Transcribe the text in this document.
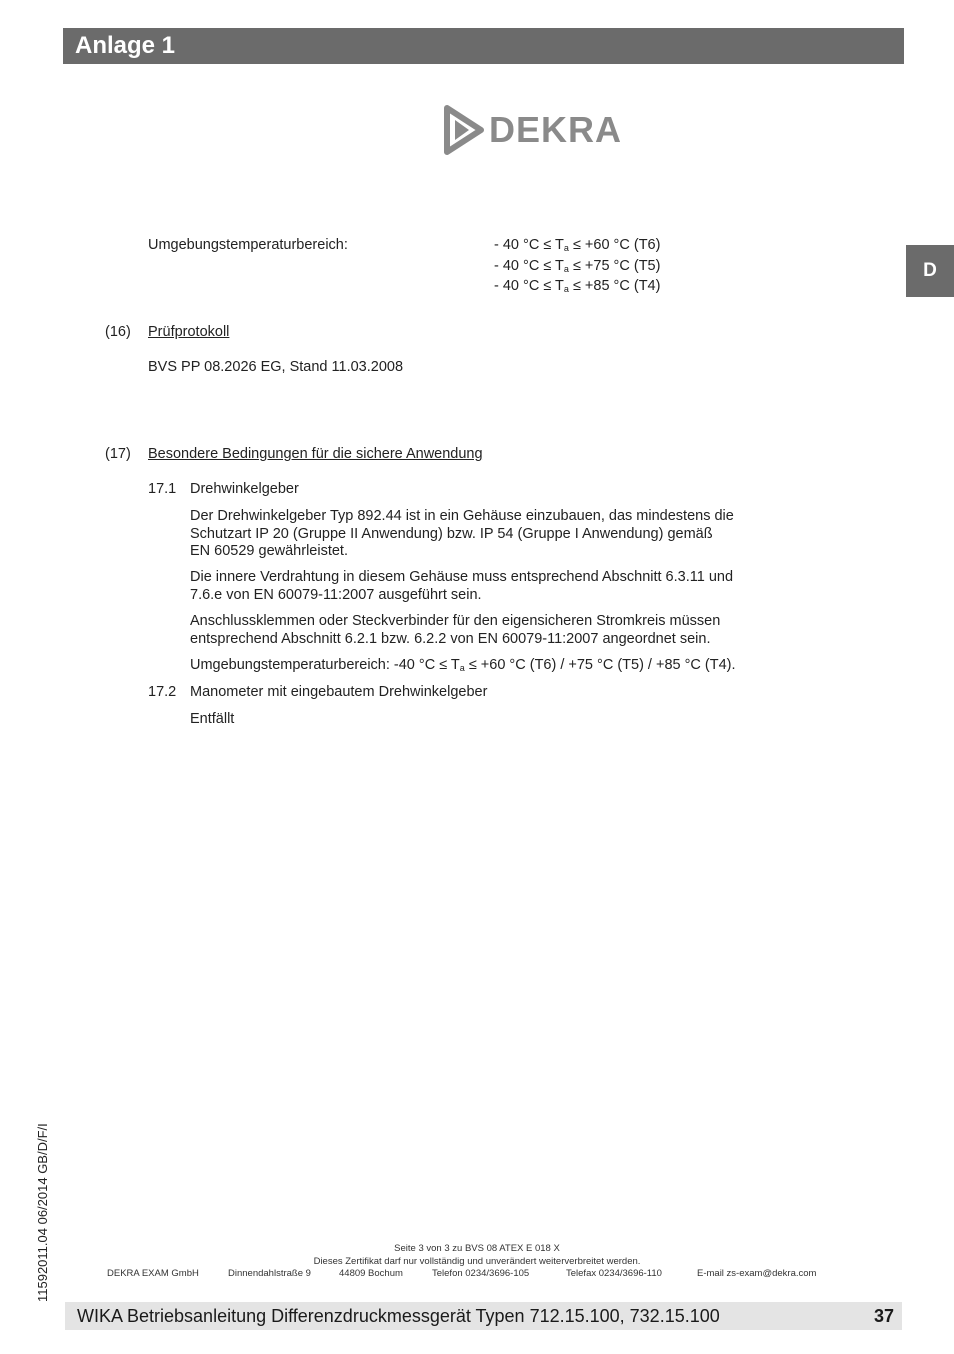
Anlage 1
D
DEKRA
Umgebungstemperaturbereich:	- 40 $^\circ C \le T_a \le +60$ °C (T6)
- 40 $^\circ C \le T_a \le +75$ °C (T5)
- 40 $^\circ C \le T_a \le +85$ °C (T4)
(16) Prüfprotokoll
BVS PP 08.2026 EG, Stand 11.03.2008
(17) Besondere Bedingungen für die sichere Anwendung
17.1 Drehwinkelgeber
Der Drehwinkelgeber Typ 892.44 ist in ein Gehäuse einzubauen, das mindestens die
Schutzart IP 20 (Gruppe II Anwendung) bzw. IP 54 (Gruppe I Anwendung) gemäß
EN 60529 gewährleistet.
Die innere Verdrahtung in diesem Gehäuse muss entsprechend Abschnitt 6.3.11 und
7.6.e von EN 60079-11:2007 ausgeführt sein.
Anschlussklemmen oder Steckverbinder für den eigensicheren Stromkreis müssen
entsprechend Abschnitt 6.2.1 bzw. 6.2.2 von EN 60079-11:2007 angeordnet sein.
Umgebungstemperaturbereich: -40 $^\circ C \le T_a \le +60$ °C (T6) / +75 °C (T5) / +85 °C (T4).
17.2 Manometer mit eingebautem Drehwinkelgeber
Entfällt
Seite 3 von 3 zu BVS 08 ATEX E 018 X
Dieses Zertifikat darf nur vollständig und unverändert weiterverbreitet werden.
DEKRA EXAM GmbH	Dinnendahlstraße 9	44809 Bochum	Telefon 0234/3696-105	Telefax 0234/3696-110	E-mail zs-exam@dekra.com
11592011.04 06/2014 GB/D/F/I
WIKA Betriebsanleitung Differenzdruckmessgerät Typen 712.15.100, 732.15.100	37
